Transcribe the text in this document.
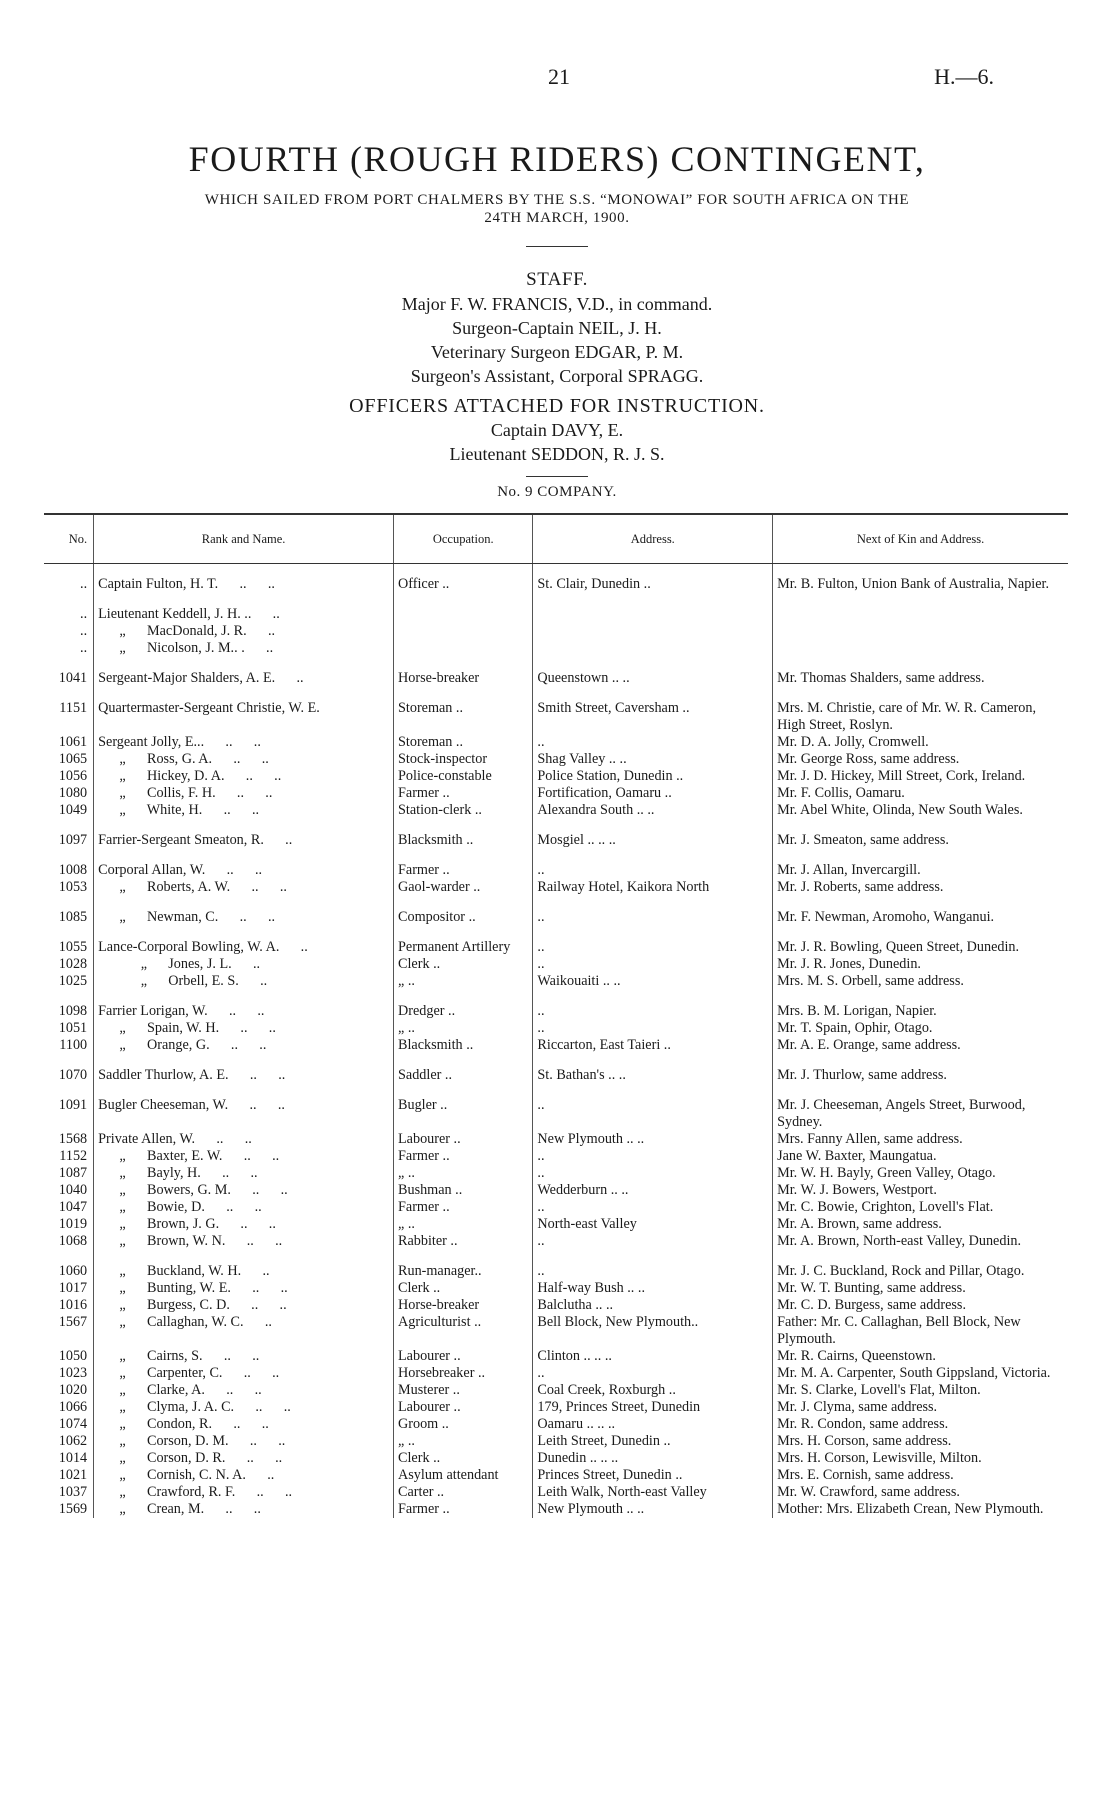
21	H.—6.
FOURTH (ROUGH RIDERS) CONTINGENT,
WHICH SAILED FROM PORT CHALMERS BY THE S.S. “MONOWAI” FOR SOUTH AFRICA ON THE
24TH MARCH, 1900.
STAFF.
Major F. W. FRANCIS, V.D., in command.
Surgeon-Captain NEIL, J. H.
Veterinary Surgeon EDGAR, P. M.
Surgeon's Assistant, Corporal SPRAGG.
OFFICERS ATTACHED FOR INSTRUCTION.
Captain DAVY, E.
Lieutenant SEDDON, R. J. S.
No. 9 COMPANY.
No.	Rank and Name.	Occupation.	Address.	Next of Kin and Address.
..	Captain Fulton, H. T.      ..      ..	Officer ..	St. Clair, Dunedin ..	Mr. B. Fulton, Union Bank of Australia, Napier.
..	Lieutenant Keddell, J. H. ..      ..			
..	„      MacDonald, J. R.      ..			
..	„      Nicolson, J. M.. .      ..			
1041	Sergeant-Major Shalders, A. E.      ..	Horse-breaker	Queenstown .. ..	Mr. Thomas Shalders, same address.
1151	Quartermaster-Sergeant Christie, W. E.	Storeman ..	Smith Street, Caversham ..	Mrs. M. Christie, care of Mr. W. R. Cameron, High Street, Roslyn.
1061	Sergeant Jolly, E...      ..      ..	Storeman ..	..	Mr. D. A. Jolly, Cromwell.
1065	„      Ross, G. A.      ..      ..	Stock-inspector	Shag Valley .. ..	Mr. George Ross, same address.
1056	„      Hickey, D. A.      ..      ..	Police-constable	Police Station, Dunedin ..	Mr. J. D. Hickey, Mill Street, Cork, Ireland.
1080	„      Collis, F. H.      ..      ..	Farmer ..	Fortification, Oamaru ..	Mr. F. Collis, Oamaru.
1049	„      White, H.      ..      ..	Station-clerk ..	Alexandra South .. ..	Mr. Abel White, Olinda, New South Wales.
1097	Farrier-Sergeant Smeaton, R.      ..	Blacksmith ..	Mosgiel .. .. ..	Mr. J. Smeaton, same address.
1008	Corporal Allan, W.      ..      ..	Farmer ..	..	Mr. J. Allan, Invercargill.
1053	„      Roberts, A. W.      ..      ..	Gaol-warder ..	Railway Hotel, Kaikora North	Mr. J. Roberts, same address.
1085	„      Newman, C.      ..      ..	Compositor ..	..	Mr. F. Newman, Aromoho, Wanganui.
1055	Lance-Corporal Bowling, W. A.      ..	Permanent Artillery	..	Mr. J. R. Bowling, Queen Street, Dunedin.
1028	„      Jones, J. L.      ..	Clerk ..	..	Mr. J. R. Jones, Dunedin.
1025	„      Orbell, E. S.      ..	„ ..	Waikouaiti .. ..	Mrs. M. S. Orbell, same address.
1098	Farrier Lorigan, W.      ..      ..	Dredger ..	..	Mrs. B. M. Lorigan, Napier.
1051	„      Spain, W. H.      ..      ..	„ ..	..	Mr. T. Spain, Ophir, Otago.
1100	„      Orange, G.      ..      ..	Blacksmith ..	Riccarton, East Taieri ..	Mr. A. E. Orange, same address.
1070	Saddler Thurlow, A. E.      ..      ..	Saddler ..	St. Bathan's .. ..	Mr. J. Thurlow, same address.
1091	Bugler Cheeseman, W.      ..      ..	Bugler ..	..	Mr. J. Cheeseman, Angels Street, Burwood, Sydney.
1568	Private Allen, W.      ..      ..	Labourer ..	New Plymouth .. ..	Mrs. Fanny Allen, same address.
1152	„      Baxter, E. W.      ..      ..	Farmer ..	..	Jane W. Baxter, Maungatua.
1087	„      Bayly, H.      ..      ..	„ ..	..	Mr. W. H. Bayly, Green Valley, Otago.
1040	„      Bowers, G. M.      ..      ..	Bushman ..	Wedderburn .. ..	Mr. W. J. Bowers, Westport.
1047	„      Bowie, D.      ..      ..	Farmer ..	..	Mr. C. Bowie, Crighton, Lovell's Flat.
1019	„      Brown, J. G.      ..      ..	„ ..	North-east Valley	Mr. A. Brown, same address.
1068	„      Brown, W. N.      ..      ..	Rabbiter ..	..	Mr. A. Brown, North-east Valley, Dunedin.
1060	„      Buckland, W. H.      ..	Run-manager..	..	Mr. J. C. Buckland, Rock and Pillar, Otago.
1017	„      Bunting, W. E.      ..      ..	Clerk ..	Half-way Bush .. ..	Mr. W. T. Bunting, same address.
1016	„      Burgess, C. D.      ..      ..	Horse-breaker	Balclutha .. ..	Mr. C. D. Burgess, same address.
1567	„      Callaghan, W. C.      ..	Agriculturist ..	Bell Block, New Plymouth..	Father: Mr. C. Callaghan, Bell Block, New Plymouth.
1050	„      Cairns, S.      ..      ..	Labourer ..	Clinton .. .. ..	Mr. R. Cairns, Queenstown.
1023	„      Carpenter, C.      ..      ..	Horsebreaker ..	..	Mr. M. A. Carpenter, South Gippsland, Victoria.
1020	„      Clarke, A.      ..      ..	Musterer ..	Coal Creek, Roxburgh ..	Mr. S. Clarke, Lovell's Flat, Milton.
1066	„      Clyma, J. A. C.      ..      ..	Labourer ..	179, Princes Street, Dunedin	Mr. J. Clyma, same address.
1074	„      Condon, R.      ..      ..	Groom ..	Oamaru .. .. ..	Mr. R. Condon, same address.
1062	„      Corson, D. M.      ..      ..	„ ..	Leith Street, Dunedin ..	Mrs. H. Corson, same address.
1014	„      Corson, D. R.      ..      ..	Clerk ..	Dunedin .. .. ..	Mrs. H. Corson, Lewisville, Milton.
1021	„      Cornish, C. N. A.      ..	Asylum attendant	Princes Street, Dunedin ..	Mrs. E. Cornish, same address.
1037	„      Crawford, R. F.      ..      ..	Carter ..	Leith Walk, North-east Valley	Mr. W. Crawford, same address.
1569	„      Crean, M.      ..      ..	Farmer ..	New Plymouth .. ..	Mother: Mrs. Elizabeth Crean, New Plymouth.
